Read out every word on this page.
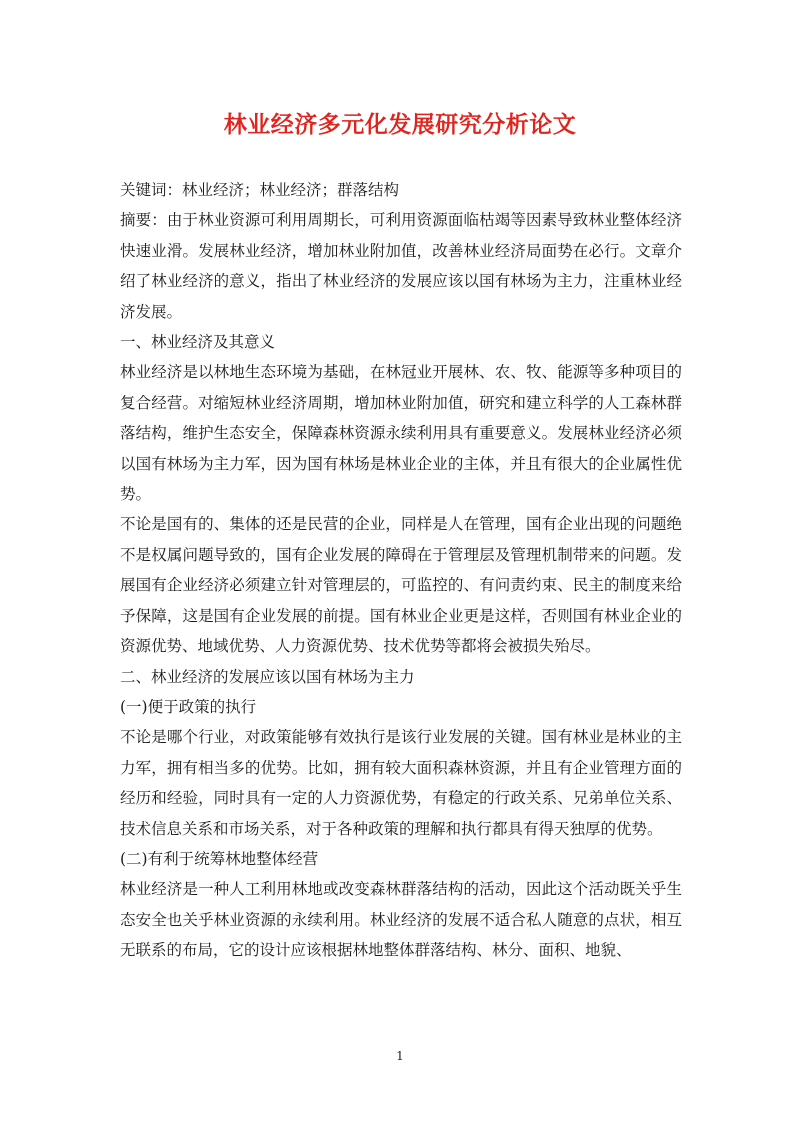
林业经济多元化发展研究分析论文

关键词：林业经济；林业经济；群落结构

摘要：由于林业资源可利用周期长，可利用资源面临枯竭等因素导致林业整体经济快速业滑。发展林业经济，增加林业附加值，改善林业经济局面势在必行。文章介绍了林业经济的意义，指出了林业经济的发展应该以国有林场为主力，注重林业经济发展。

一、林业经济及其意义

林业经济是以林地生态环境为基础，在林冠业开展林、农、牧、能源等多种项目的复合经营。对缩短林业经济周期，增加林业附加值，研究和建立科学的人工森林群落结构，维护生态安全，保障森林资源永续利用具有重要意义。发展林业经济必须以国有林场为主力军，因为国有林场是林业企业的主体，并且有很大的企业属性优势。

不论是国有的、集体的还是民营的企业，同样是人在管理，国有企业出现的问题绝不是权属问题导致的，国有企业发展的障碍在于管理层及管理机制带来的问题。发展国有企业经济必须建立针对管理层的，可监控的、有问责约束、民主的制度来给予保障，这是国有企业发展的前提。国有林业企业更是这样，否则国有林业企业的资源优势、地域优势、人力资源优势、技术优势等都将会被损失殆尽。

二、林业经济的发展应该以国有林场为主力

(一)便于政策的执行

不论是哪个行业，对政策能够有效执行是该行业发展的关键。国有林业是林业的主力军，拥有相当多的优势。比如，拥有较大面积森林资源，并且有企业管理方面的经历和经验，同时具有一定的人力资源优势，有稳定的行政关系、兄弟单位关系、技术信息关系和市场关系，对于各种政策的理解和执行都具有得天独厚的优势。

(二)有利于统筹林地整体经营

林业经济是一种人工利用林地或改变森林群落结构的活动，因此这个活动既关乎生态安全也关乎林业资源的永续利用。林业经济的发展不适合私人随意的点状，相互无联系的布局，它的设计应该根据林地整体群落结构、林分、面积、地貌、

1
